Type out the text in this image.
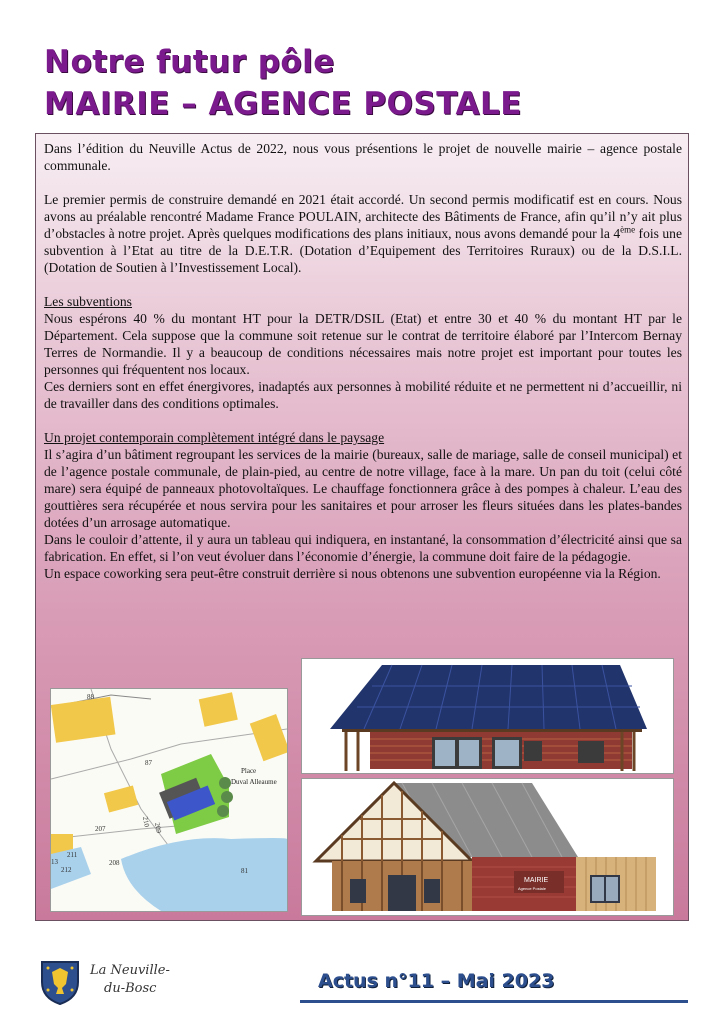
Notre futur pôle
MAIRIE – AGENCE POSTALE

Dans l’édition du Neuville Actus de 2022, nous vous présentions le projet de nouvelle mairie – agence postale communale.

Le premier permis de construire demandé en 2021 était accordé. Un second permis modificatif est en cours. Nous avons au préalable rencontré Madame France POULAIN, architecte des Bâtiments de France, afin qu’il n’y ait plus d’obstacles à notre projet. Après quelques modifications des plans initiaux, nous avons demandé pour la 4ème fois une subvention à l’Etat au titre de la D.E.T.R. (Dotation d’Equipement des Territoires Ruraux) ou de la D.S.I.L. (Dotation de Soutien à l’Investissement Local).

Les subventions

Nous espérons 40 % du montant HT pour la DETR/DSIL (Etat) et entre 30 et 40 % du montant HT par le Département. Cela suppose que la commune soit retenue sur le contrat de territoire élaboré par l’Intercom Bernay Terres de Normandie. Il y a beaucoup de conditions nécessaires mais notre projet est important pour toutes les personnes qui fréquentent nos locaux.

Ces derniers sont en effet énergivores, inadaptés aux personnes à mobilité réduite et ne permettent ni d’accueillir, ni de travailler dans des conditions optimales.

Un projet contemporain complètement intégré dans le paysage

Il s’agira d’un bâtiment regroupant les services de la mairie (bureaux, salle de mariage, salle de conseil municipal) et de l’agence postale communale, de plain-pied, au centre de notre village, face à la mare. Un pan du toit (celui côté mare) sera équipé de panneaux photovoltaïques. Le chauffage fonctionnera grâce à des pompes à chaleur. L’eau des gouttières sera récupérée et nous servira pour les sanitaires et pour arroser les fleurs situées dans les plates-bandes dotées d’un arrosage automatique.

Dans le couloir d’attente, il y aura un tableau qui indiquera, en instantané, la consommation d’électricité ainsi que sa fabrication. En effet, si l’on veut évoluer dans l’économie d’énergie, la commune doit faire de la pédagogie.

Un espace coworking sera peut-être construit derrière si nous obtenons une subvention européenne via la Région.

88
87
207
210
209
208
211
212
13
81
Place
Duval Alleaume
MAIRIE
Agence Postale
La Neuville-
du-Bosc	Actus n°11 – Mai 2023
